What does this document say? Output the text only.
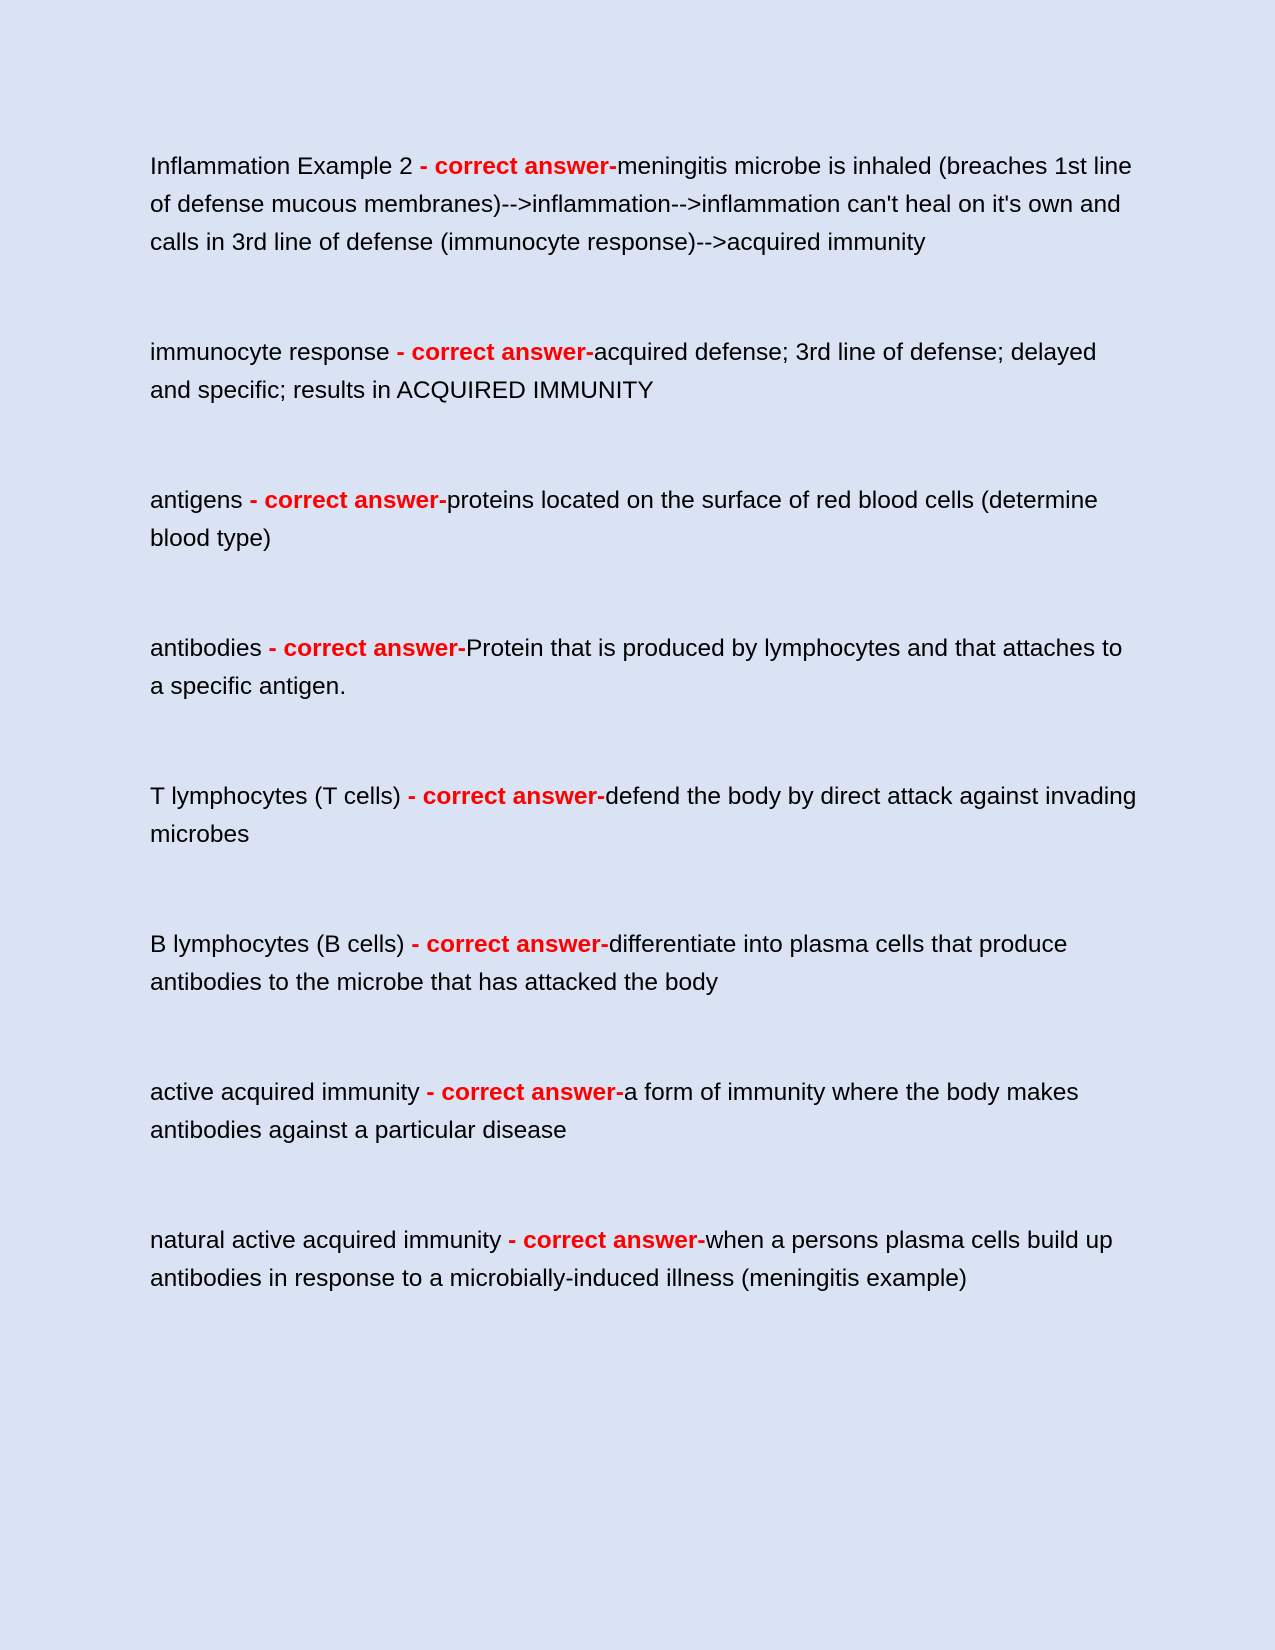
Inflammation Example 2 - correct answer-meningitis microbe is inhaled (breaches 1st line of defense mucous membranes)-->inflammation-->inflammation can't heal on it's own and calls in 3rd line of defense (immunocyte response)-->acquired immunity

immunocyte response - correct answer-acquired defense; 3rd line of defense; delayed and specific; results in ACQUIRED IMMUNITY

antigens - correct answer-proteins located on the surface of red blood cells (determine blood type)

antibodies - correct answer-Protein that is produced by lymphocytes and that attaches to a specific antigen.

T lymphocytes (T cells) - correct answer-defend the body by direct attack against invading microbes

B lymphocytes (B cells) - correct answer-differentiate into plasma cells that produce antibodies to the microbe that has attacked the body

active acquired immunity - correct answer-a form of immunity where the body makes antibodies against a particular disease

natural active acquired immunity - correct answer-when a persons plasma cells build up antibodies in response to a microbially-induced illness (meningitis example)
